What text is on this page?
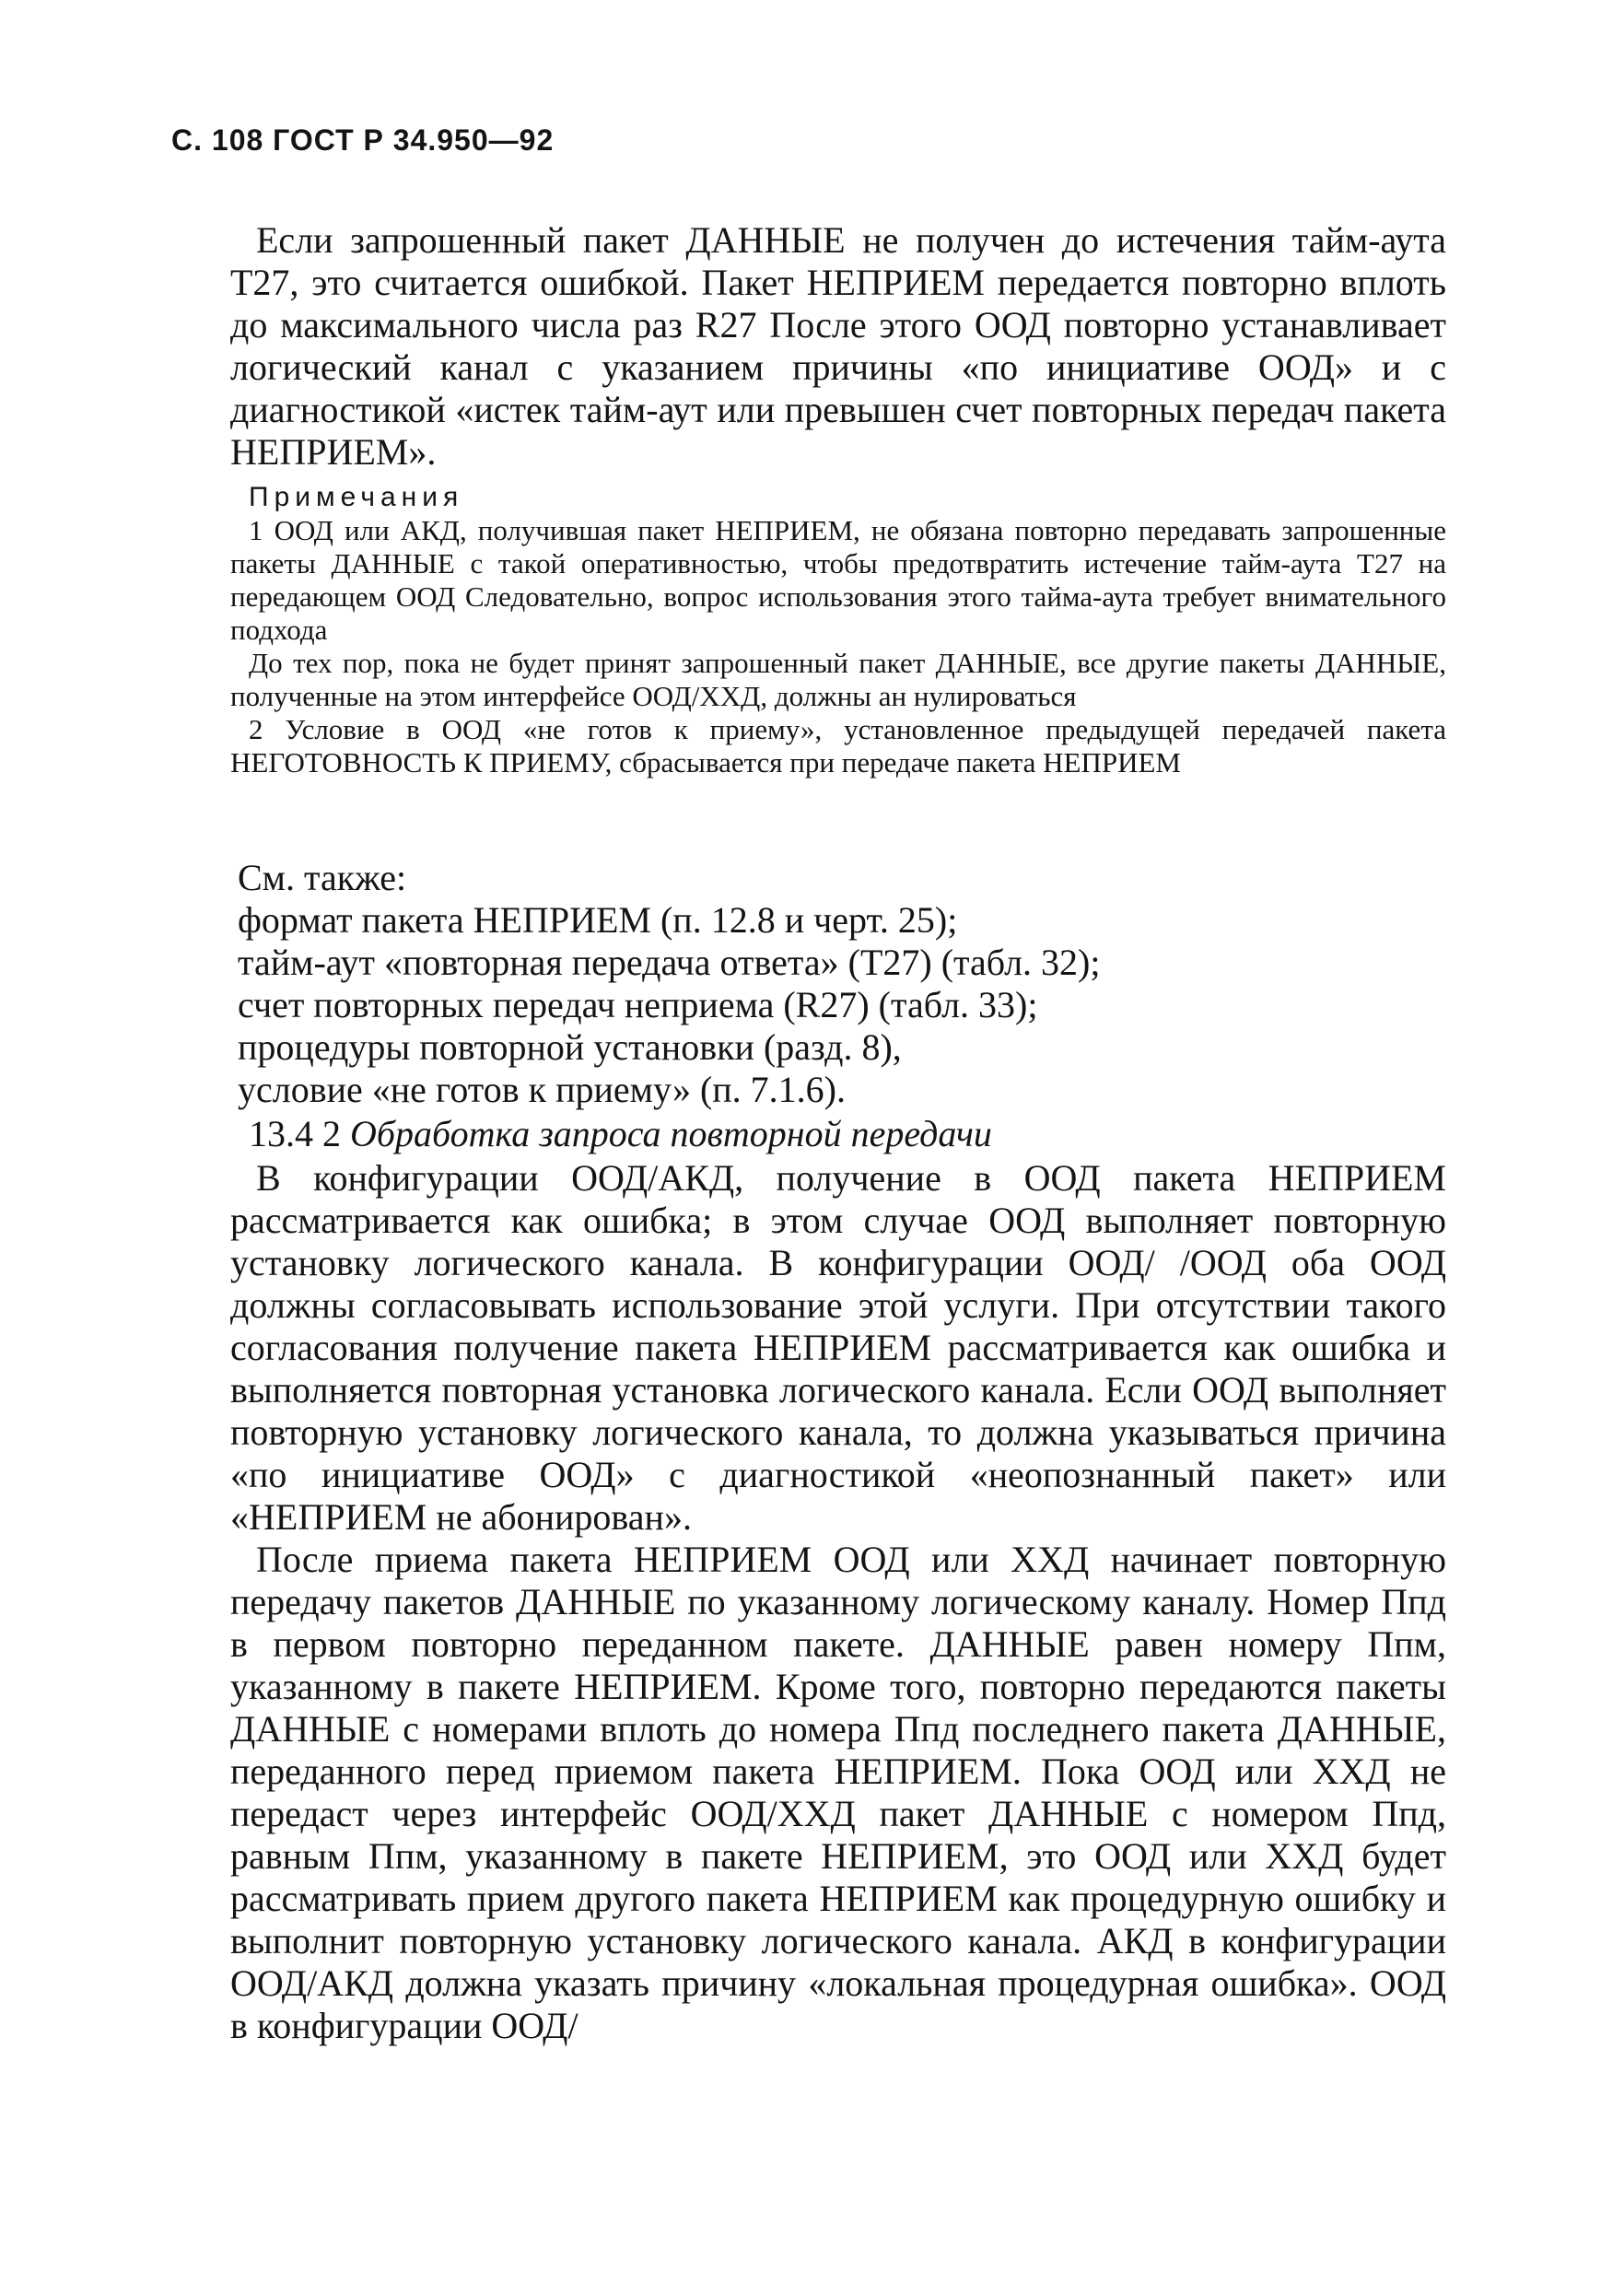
С. 108 ГОСТ Р 34.950—92

Если запрошенный пакет ДАННЫЕ не получен до истечения тайм-аута Т27, это считается ошибкой. Пакет НЕПРИЕМ передается повторно вплоть до максимального числа раз R27 После этого ООД повторно устанавливает логический канал с указанием причины «по инициативе ООД» и с диагностикой «истек тайм-аут или превышен счет повторных передач пакета НЕПРИЕМ».

Примечания

1 ООД или АКД, получившая пакет НЕПРИЕМ, не обязана повторно передавать запрошенные пакеты ДАННЫЕ с такой оперативностью, чтобы предотвратить истечение тайм-аута Т27 на передающем ООД Следовательно, вопрос использования этого тайма-аута требует внимательного подхода

До тех пор, пока не будет принят запрошенный пакет ДАННЫЕ, все другие пакеты ДАННЫЕ, полученные на этом интерфейсе ООД/ХХД, должны ан нулироваться

2 Условие в ООД «не готов к приему», установленное предыдущей передачей пакета НЕГОТОВНОСТЬ К ПРИЕМУ, сбрасывается при передаче пакета НЕПРИЕМ

См. также:

формат пакета НЕПРИЕМ (п. 12.8 и черт. 25);
тайм-аут «повторная передача ответа» (Т27) (табл. 32);
счет повторных передач неприема (R27) (табл. 33);
процедуры повторной установки (разд. 8),
условие «не готов к приему» (п. 7.1.6).

13.4 2 Обработка запроса повторной передачи

В конфигурации ООД/АКД, получение в ООД пакета НЕПРИЕМ рассматривается как ошибка; в этом случае ООД выполняет повторную установку логического канала. В конфигурации ООД/ /ООД оба ООД должны согласовывать использование этой услуги. При отсутствии такого согласования получение пакета НЕПРИЕМ рассматривается как ошибка и выполняется повторная установка логического канала. Если ООД выполняет повторную установку логического канала, то должна указываться причина «по инициативе ООД» с диагностикой «неопознанный пакет» или «НЕПРИЕМ не абонирован».

После приема пакета НЕПРИЕМ ООД или ХХД начинает повторную передачу пакетов ДАННЫЕ по указанному логическому каналу. Номер Ппд в первом повторно переданном пакете. ДАННЫЕ равен номеру Ппм, указанному в пакете НЕПРИЕМ. Кроме того, повторно передаются пакеты ДАННЫЕ с номерами вплоть до номера Ппд последнего пакета ДАННЫЕ, переданного перед приемом пакета НЕПРИЕМ. Пока ООД или ХХД не передаст через интерфейс ООД/ХХД пакет ДАННЫЕ с номером Ппд, равным Ппм, указанному в пакете НЕПРИЕМ, это ООД или ХХД будет рассматривать прием другого пакета НЕПРИЕМ как процедурную ошибку и выполнит повторную установку логического канала. АКД в конфигурации ООД/АКД должна указать причину «локальная процедурная ошибка». ООД в конфигурации ООД/
